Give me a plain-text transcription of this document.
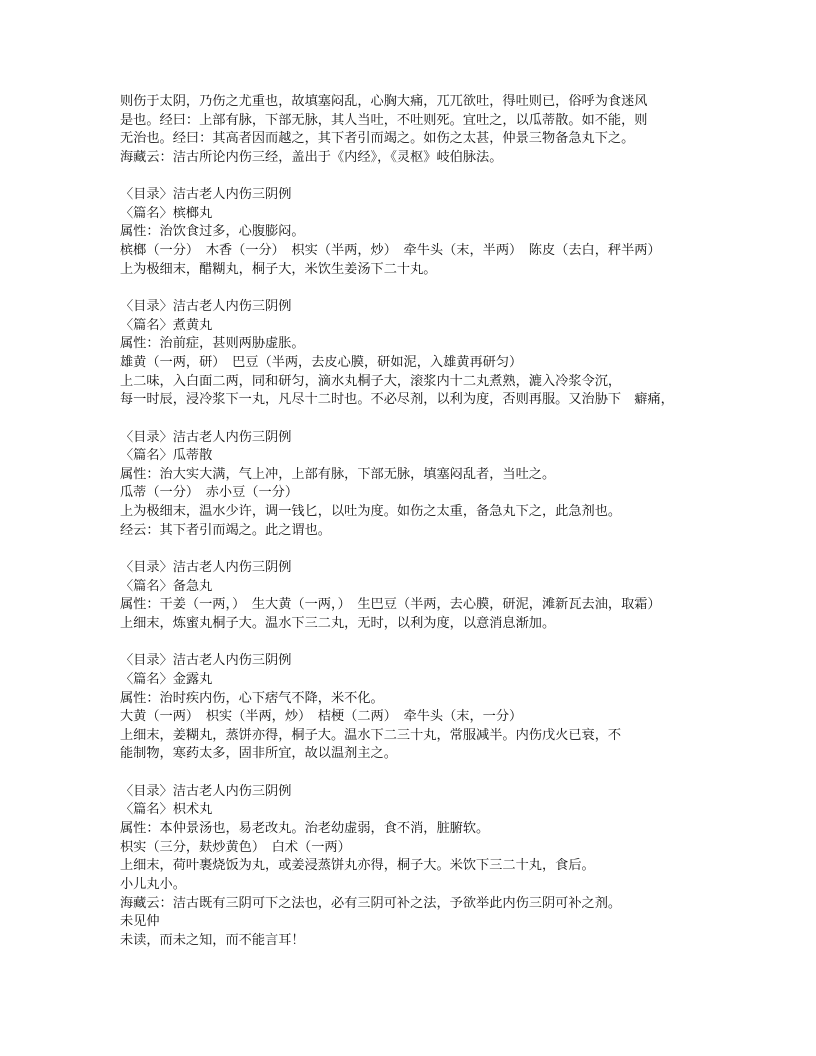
则伤于太阴，乃伤之尤重也，故填塞闷乱，心胸大痛，兀兀欲吐，得吐则已，俗呼为食迷风
是也。经曰：上部有脉，下部无脉，其人当吐，不吐则死。宜吐之，以瓜蒂散。如不能，则
无治也。经曰：其高者因而越之，其下者引而竭之。如伤之太甚，仲景三物备急丸下之。
海藏云：洁古所论内伤三经，盖出于《内经》，《灵枢》岐伯脉法。
〈目录〉洁古老人内伤三阴例
〈篇名〉槟榔丸
属性：治饮食过多，心腹膨闷。
槟榔（一分）　木香（一分）　枳实（半两，炒）　牵牛头（末，半两）　陈皮（去白，秤半两）
上为极细末，醋糊丸，桐子大，米饮生姜汤下二十丸。
〈目录〉洁古老人内伤三阴例
〈篇名〉煮黄丸
属性：治前症，甚则两胁虚胀。
雄黄（一两，研）　巴豆（半两，去皮心膜，研如泥，入雄黄再研匀）
上二味，入白面二两，同和研匀，滴水丸桐子大，滚浆内十二丸煮熟，漉入冷浆令沉，
每一时辰，浸冷浆下一丸，凡尽十二时也。不必尽剂，以利为度，否则再服。又治胁下　癖痛，
〈目录〉洁古老人内伤三阴例
〈篇名〉瓜蒂散
属性：治大实大满，气上冲，上部有脉，下部无脉，填塞闷乱者，当吐之。
瓜蒂（一分）　赤小豆（一分）
上为极细末，温水少许，调一钱匕，以吐为度。如伤之太重，备急丸下之，此急剂也。
经云：其下者引而竭之。此之谓也。
〈目录〉洁古老人内伤三阴例
〈篇名〉备急丸
属性：干姜（一两，）　生大黄（一两，）　生巴豆（半两，去心膜，研泥，滩新瓦去油，取霜）
上细末，炼蜜丸桐子大。温水下三二丸，无时，以利为度，以意消息渐加。
〈目录〉洁古老人内伤三阴例
〈篇名〉金露丸
属性：治时疾内伤，心下痞气不降，米不化。
大黄（一两）　枳实（半两，炒）　桔梗（二两）　牵牛头（末，一分）
上细末，姜糊丸，蒸饼亦得，桐子大。温水下二三十丸，常服减半。内伤戊火已衰，不
能制物，寒药太多，固非所宜，故以温剂主之。
〈目录〉洁古老人内伤三阴例
〈篇名〉枳术丸
属性：本仲景汤也，易老改丸。治老幼虚弱，食不消，脏腑软。
枳实（三分，麸炒黄色）　白术（一两）
上细末，荷叶裹烧饭为丸，或姜浸蒸饼丸亦得，桐子大。米饮下三二十丸，食后。
小儿丸小。
海藏云：洁古既有三阴可下之法也，必有三阴可补之法，予欲举此内伤三阴可补之剂。
未见仲
未读，而未之知，而不能言耳！
